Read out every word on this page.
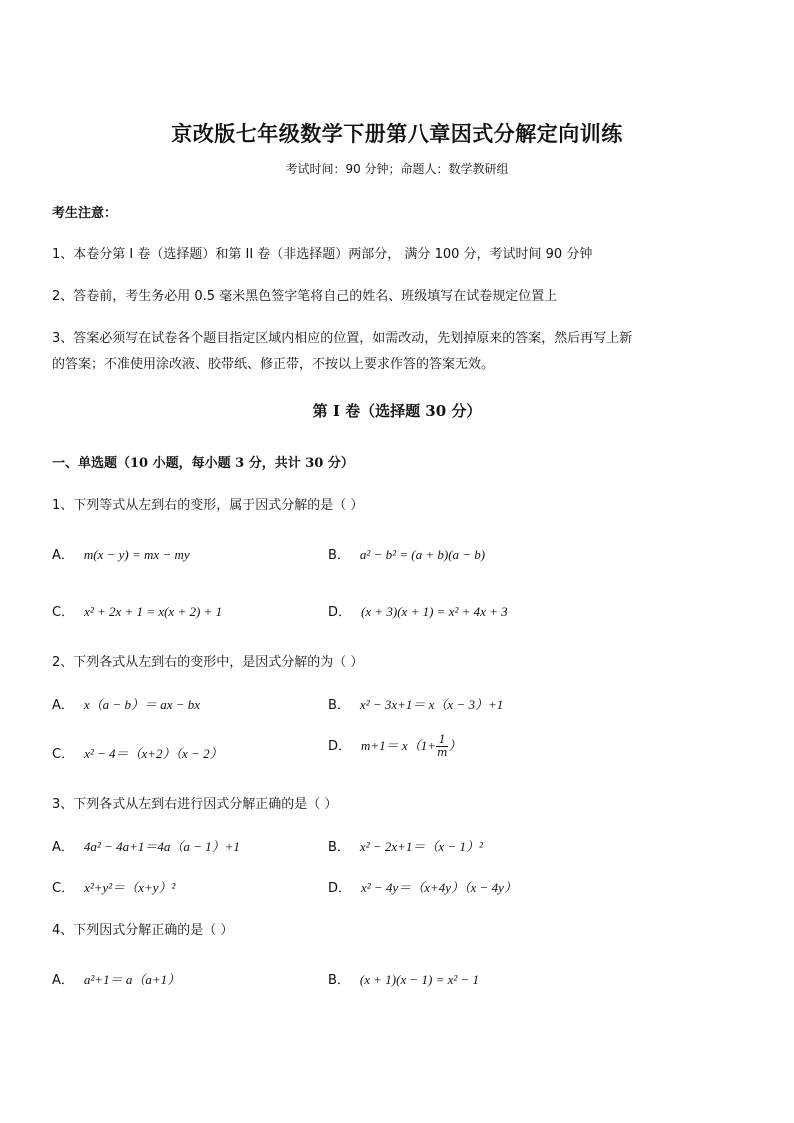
京改版七年级数学下册第八章因式分解定向训练
考试时间：90 分钟；命题人：数学教研组
考生注意：
1、本卷分第 I 卷（选择题）和第 II 卷（非选择题）两部分， 满分 100 分，考试时间 90 分钟
2、答卷前，考生务必用 0.5 毫米黑色签字笔将自己的姓名、班级填写在试卷规定位置上
3、答案必须写在试卷各个题目指定区域内相应的位置，如需改动，先划掉原来的答案，然后再写上新
的答案；不准使用涂改液、胶带纸、修正带，不按以上要求作答的答案无效。
第 I 卷（选择题 30 分）
一、单选题（10 小题，每小题 3 分，共计 30 分）
1、下列等式从左到右的变形，属于因式分解的是（ ）
A． m(x − y) = mx − my	B． a² − b² = (a + b)(a − b)
C． x² + 2x + 1 = x(x + 2) + 1	D． (x + 3)(x + 1) = x² + 4x + 3
2、下列各式从左到右的变形中，是因式分解的为（ ）
A． x（a − b）＝ ax − bx	B． x² − 3x+1＝ x（x − 3）+1
C． x² − 4＝（x+2）（x − 2）	D． $m+1= x(1+ \frac{1}{m}$ ）
3、下列各式从左到右进行因式分解正确的是（ ）
A． 4a² − 4a+1＝4a（a − 1）+1	B． x² − 2x+1＝（x − 1）²
C． x²+y²＝（x+y）²	D． x² − 4y＝（x+4y）（x − 4y）
4、下列因式分解正确的是（ ）
A． a²+1＝ a（a+1）	B． (x + 1)(x − 1) = x² − 1
